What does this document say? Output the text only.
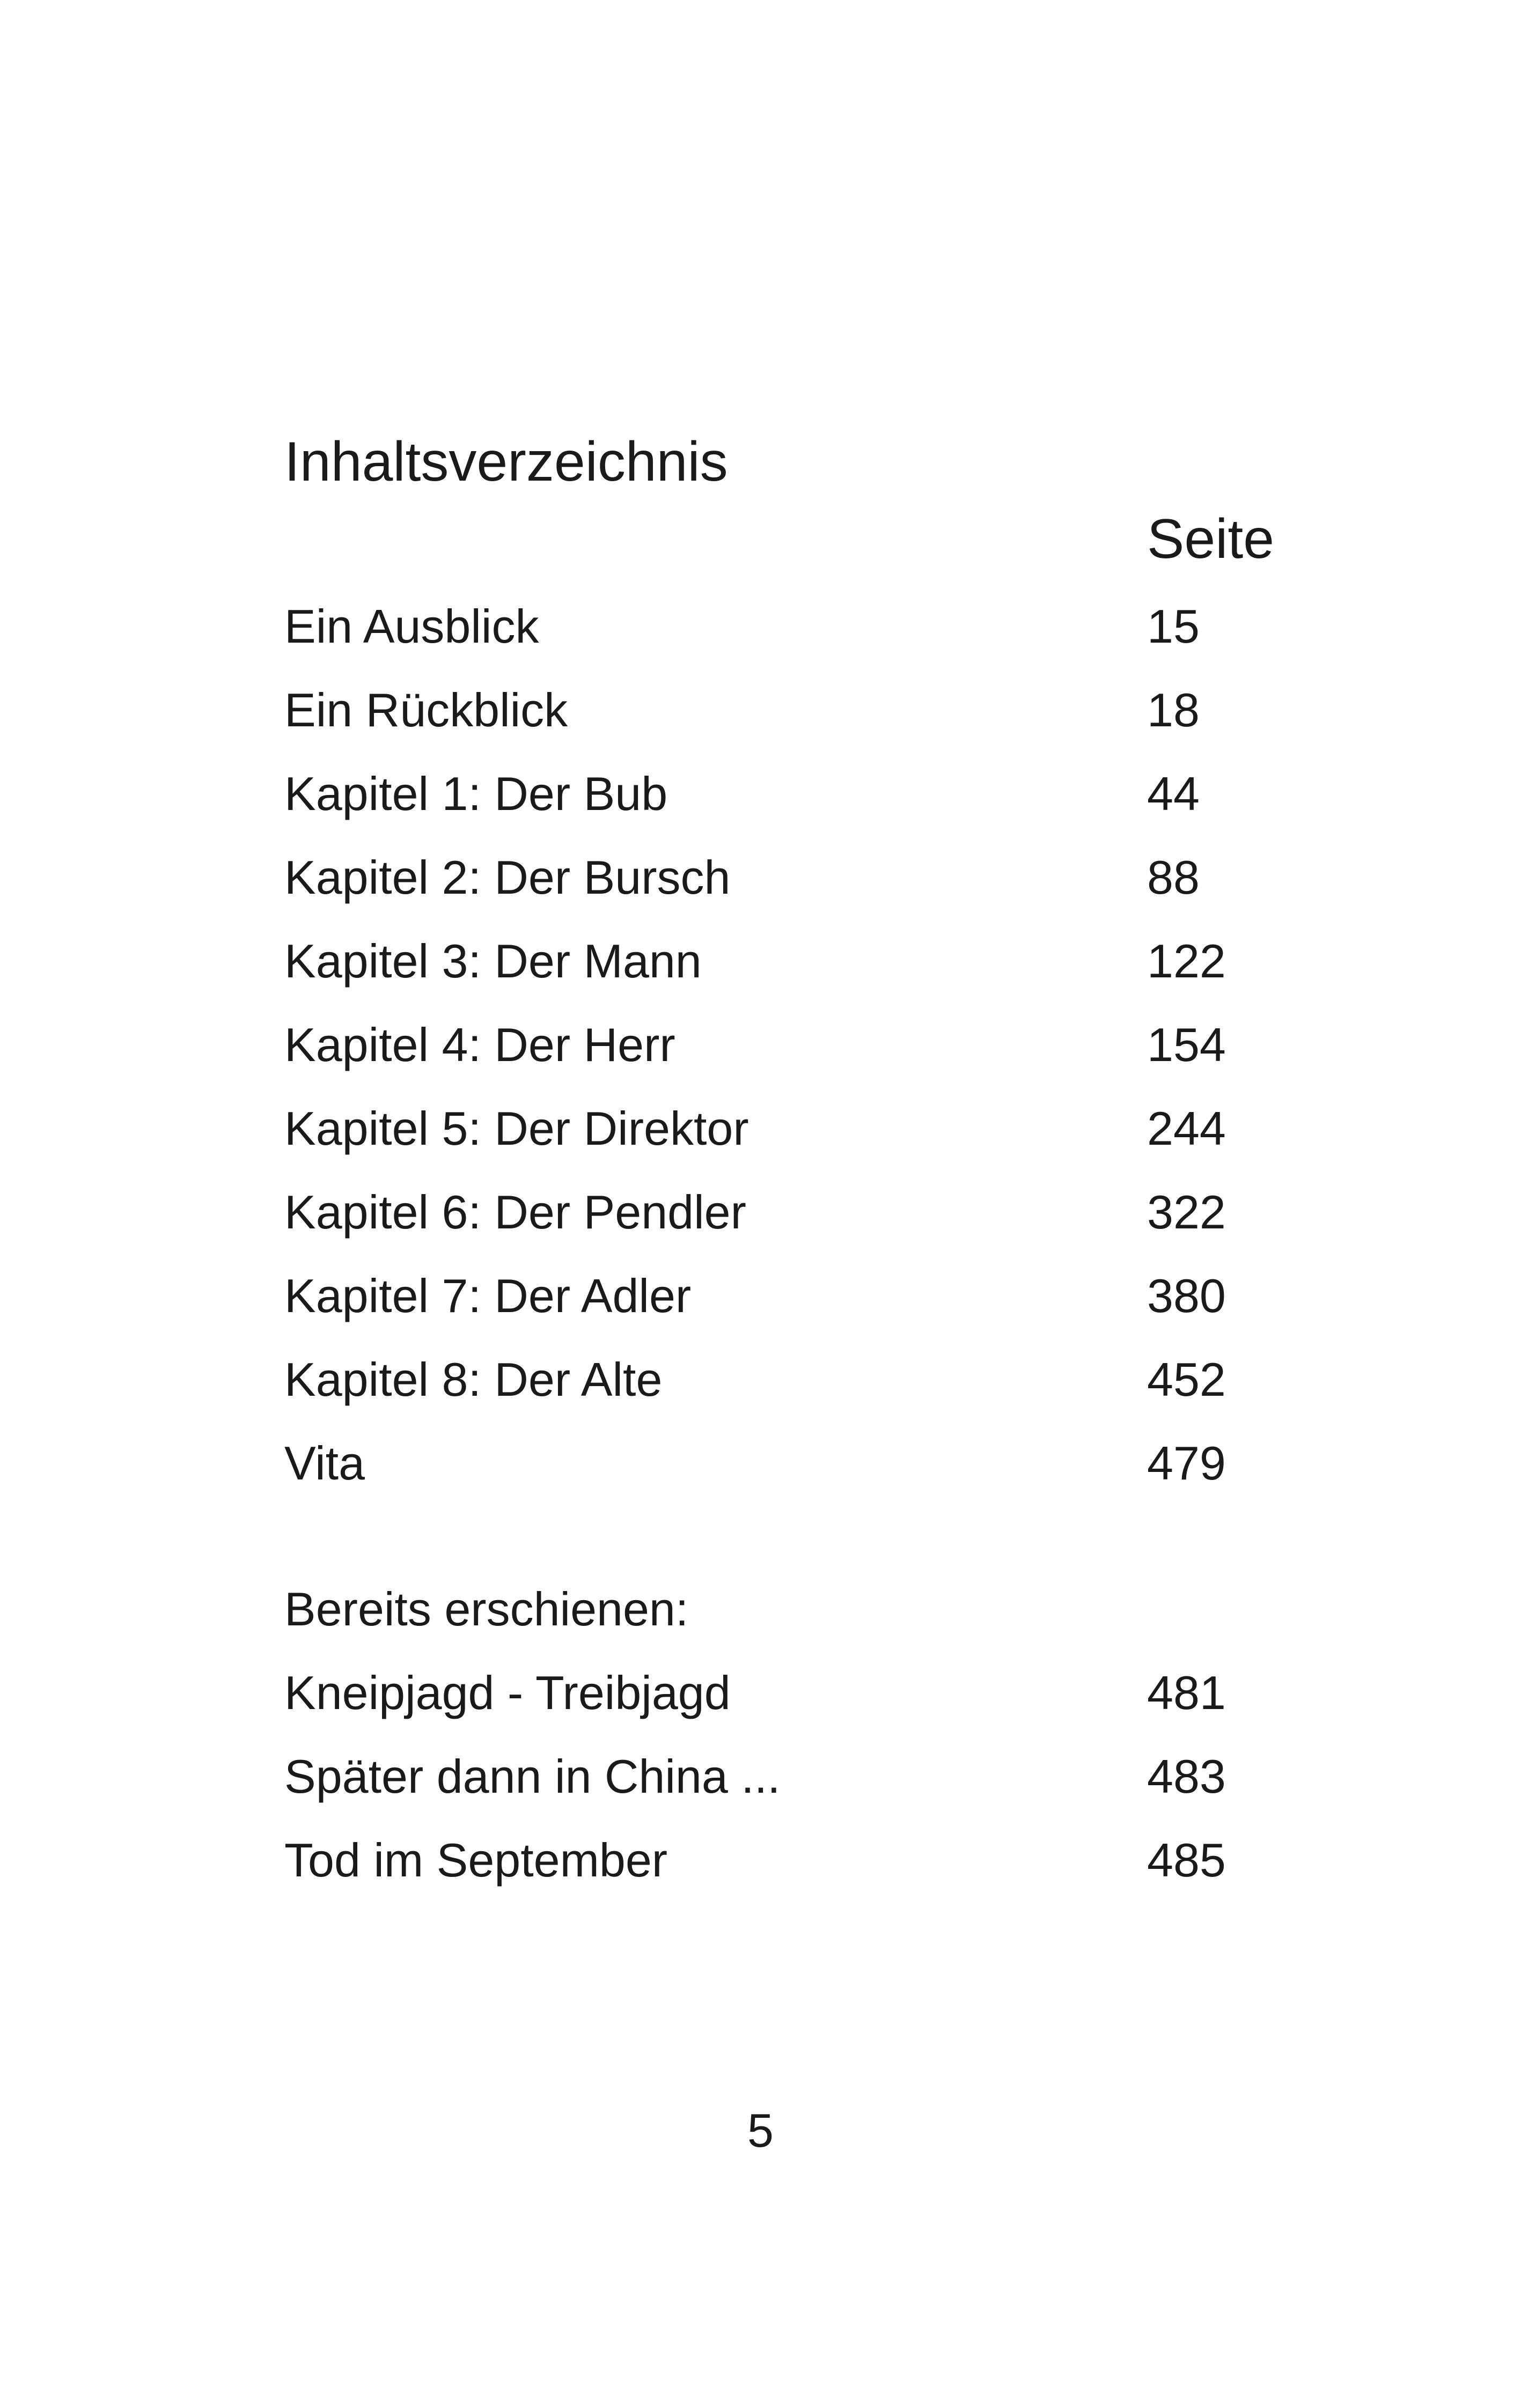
Inhaltsverzeichnis
Seite
Ein Ausblick	15
Ein Rückblick	18
Kapitel 1: Der Bub	44
Kapitel 2: Der Bursch	88
Kapitel 3: Der Mann	122
Kapitel 4: Der Herr	154
Kapitel 5: Der Direktor	244
Kapitel 6: Der Pendler	322
Kapitel 7: Der Adler	380
Kapitel 8: Der Alte	452
Vita	479
Bereits erschienen:
Kneipjagd - Treibjagd	481
Später dann in China ...	483
Tod im September	485
5
